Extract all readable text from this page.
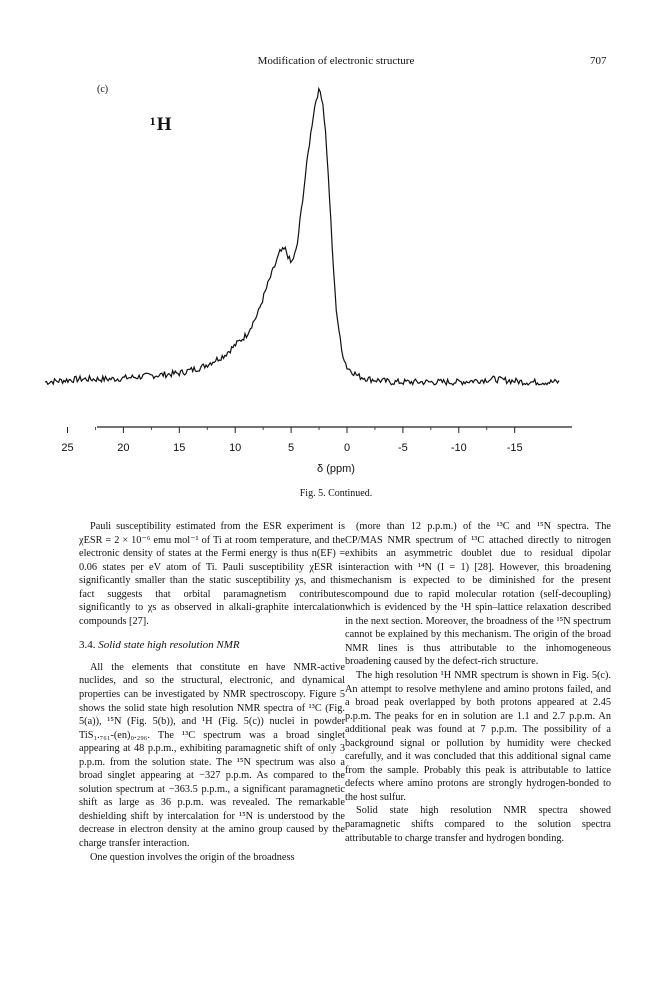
Modification of electronic structure	707
(c)
¹H
25	20	15	10	5	0	-5	-10	-15
δ (ppm)
Fig. 5. Continued.

Pauli susceptibility estimated from the ESR experiment is χESR = 2 × 10⁻⁶ emu mol⁻¹ of Ti at room temperature, and the electronic density of states at the Fermi energy is thus n(EF) = 0.06 states per eV atom of Ti. Pauli susceptibility χESR is significantly smaller than the static susceptibility χs, and this fact suggests that orbital paramagnetism contributes significantly to χs as observed in alkali-graphite intercalation compounds [27].

3.4. Solid state high resolution NMR

All the elements that constitute en have NMR-active nuclides, and so the structural, electronic, and dynamical properties can be investigated by NMR spectroscopy. Figure 5 shows the solid state high resolution NMR spectra of ¹³C (Fig. 5(a)), ¹⁵N (Fig. 5(b)), and ¹H (Fig. 5(c)) nuclei in powder TiS₁.₇₆₁-(en)₀.₂₉₆. The ¹³C spectrum was a broad singlet appearing at 48 p.p.m., exhibiting paramagnetic shift of only 3 p.p.m. from the solution state. The ¹⁵N spectrum was also a broad singlet appearing at −327 p.p.m. As compared to the solution spectrum at −363.5 p.p.m., a significant paramagnetic shift as large as 36 p.p.m. was revealed. The remarkable deshielding shift by intercalation for ¹⁵N is understood by the decrease in electron density at the amino group caused by the charge transfer interaction.

One question involves the origin of the broadness

(more than 12 p.p.m.) of the ¹³C and ¹⁵N spectra. The CP/MAS NMR spectrum of ¹³C attached directly to nitrogen exhibits an asymmetric doublet due to residual dipolar interaction with ¹⁴N (I = 1) [28]. However, this broadening mechanism is expected to be diminished for the present compound due to rapid molecular rotation (self-decoupling) which is evidenced by the ¹H spin–lattice relaxation described in the next section. Moreover, the broadness of the ¹⁵N spectrum cannot be explained by this mechanism. The origin of the broad NMR lines is thus attributable to the inhomogeneous broadening caused by the defect-rich structure.

The high resolution ¹H NMR spectrum is shown in Fig. 5(c). An attempt to resolve methylene and amino protons failed, and a broad peak overlapped by both protons appeared at 2.45 p.p.m. The peaks for en in solution are 1.1 and 2.7 p.p.m. An additional peak was found at 7 p.p.m. The possibility of a background signal or pollution by humidity were checked carefully, and it was concluded that this additional signal came from the sample. Probably this peak is attributable to lattice defects where amino protons are strongly hydrogen-bonded to the host sulfur.

Solid state high resolution NMR spectra showed paramagnetic shifts compared to the solution spectra attributable to charge transfer and hydrogen bonding.
